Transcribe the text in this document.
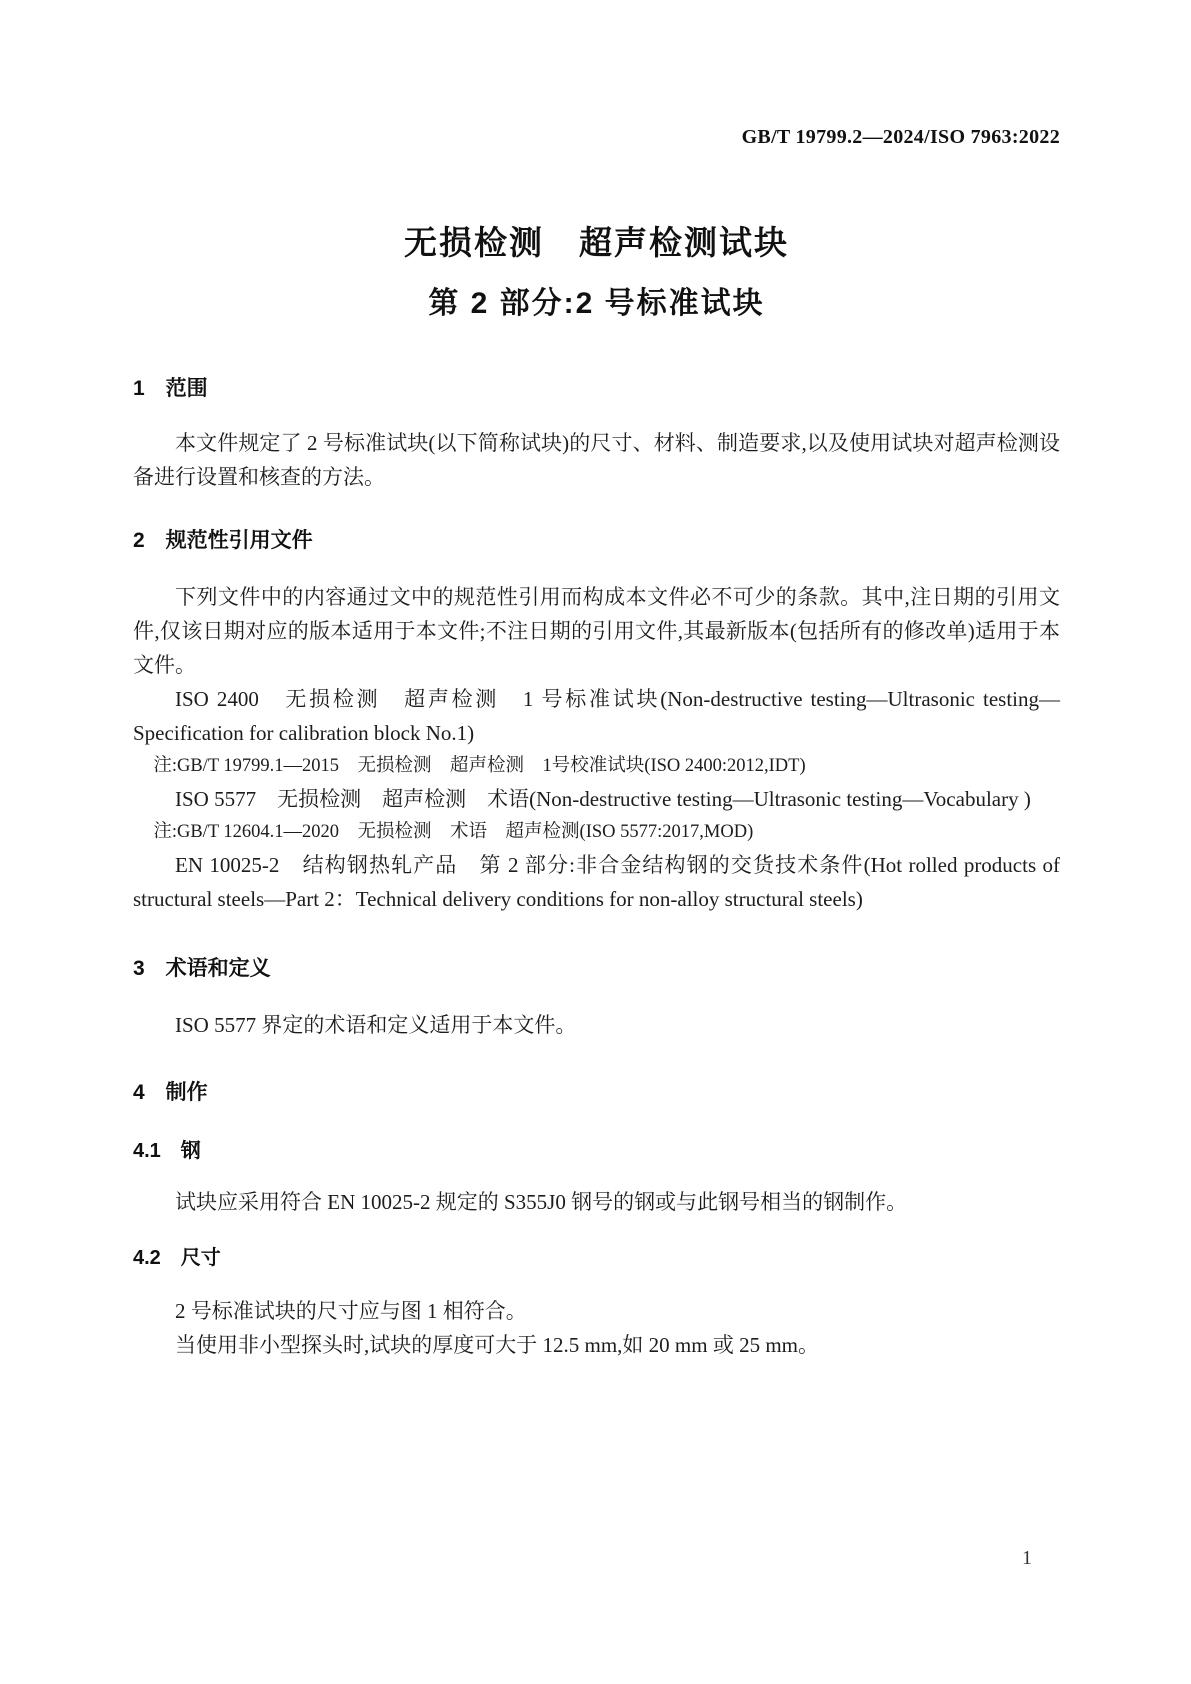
GB/T 19799.2—2024/ISO 7963:2022
无损检测　超声检测试块
第 2 部分:2 号标准试块
1　范围
本文件规定了 2 号标准试块(以下简称试块)的尺寸、材料、制造要求,以及使用试块对超声检测设备进行设置和核查的方法。
2　规范性引用文件
下列文件中的内容通过文中的规范性引用而构成本文件必不可少的条款。其中,注日期的引用文件,仅该日期对应的版本适用于本文件;不注日期的引用文件,其最新版本(包括所有的修改单)适用于本文件。
ISO 2400　无损检测　超声检测　1 号标准试块(Non-destructive testing—Ultrasonic testing—Specification for calibration block No.1)
注:GB/T 19799.1—2015　无损检测　超声检测　1号校准试块(ISO 2400:2012,IDT)
ISO 5577　无损检测　超声检测　术语(Non-destructive testing—Ultrasonic testing—Vocabulary )
注:GB/T 12604.1—2020　无损检测　术语　超声检测(ISO 5577:2017,MOD)
EN 10025-2　结构钢热轧产品　第 2 部分:非合金结构钢的交货技术条件(Hot rolled products of structural steels—Part 2：Technical delivery conditions for non-alloy structural steels)
3　术语和定义
ISO 5577 界定的术语和定义适用于本文件。
4　制作
4.1　钢
试块应采用符合 EN 10025-2 规定的 S355J0 钢号的钢或与此钢号相当的钢制作。
4.2　尺寸
2 号标准试块的尺寸应与图 1 相符合。
当使用非小型探头时,试块的厚度可大于 12.5 mm,如 20 mm 或 25 mm。
1
